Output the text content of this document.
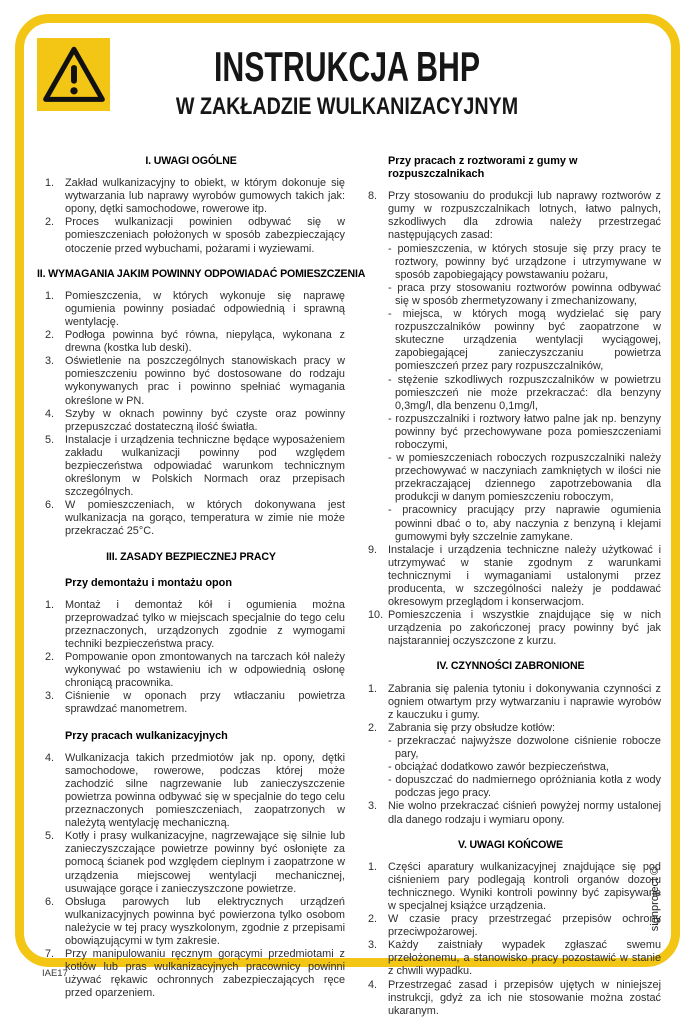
INSTRUKCJA BHP
W ZAKŁADZIE WULKANIZACYJNYM
I. UWAGI OGÓLNE
1. Zakład wulkanizacyjny to obiekt, w którym dokonuje się wytwarzania lub naprawy wyrobów gumowych takich jak: opony, dętki samochodowe, rowerowe itp.
2. Proces wulkanizacji powinien odbywać się w pomieszczeniach położonych w sposób zabezpieczający otoczenie przed wybuchami, pożarami i wyziewami.
II. WYMAGANIA JAKIM POWINNY ODPOWIADAĆ POMIESZCZENIA
1. Pomieszczenia, w których wykonuje się naprawę ogumienia powinny posiadać odpowiednią i sprawną wentylację.
2. Podłoga powinna być równa, niepyląca, wykonana z drewna (kostka lub deski).
3. Oświetlenie na poszczególnych stanowiskach pracy w pomieszczeniu powinno być dostosowane do rodzaju wykonywanych prac i powinno spełniać wymagania określone w PN.
4. Szyby w oknach powinny być czyste oraz powinny przepuszczać dostateczną ilość światła.
5. Instalacje i urządzenia techniczne będące wyposażeniem zakładu wulkanizacji powinny pod względem bezpieczeństwa odpowiadać warunkom technicznym określonym w Polskich Normach oraz przepisach szczególnych.
6. W pomieszczeniach, w których dokonywana jest wulkanizacja na gorąco, temperatura w zimie nie może przekraczać 25°C.
III. ZASADY BEZPIECZNEJ PRACY
Przy demontażu i montażu opon
1. Montaż i demontaż kół i ogumienia można przeprowadzać tylko w miejscach specjalnie do tego celu przeznaczonych, urządzonych zgodnie z wymogami techniki bezpieczeństwa pracy.
2. Pompowanie opon zmontowanych na tarczach kół należy wykonywać po wstawieniu ich w odpowiednią osłonę chroniącą pracownika.
3. Ciśnienie w oponach przy wtłaczaniu powietrza sprawdzać manometrem.
Przy pracach wulkanizacyjnych
4. Wulkanizacja takich przedmiotów jak np. opony, dętki samochodowe, rowerowe, podczas której może zachodzić silne nagrzewanie lub zanieczyszczenie powietrza powinna odbywać się w specjalnie do tego celu przeznaczonych pomieszczeniach, zaopatrzonych w należytą wentylację mechaniczną.
5. Kotły i prasy wulkanizacyjne, nagrzewające się silnie lub zanieczyszczające powietrze powinny być osłonięte za pomocą ścianek pod względem cieplnym i zaopatrzone w urządzenia miejscowej wentylacji mechanicznej, usuwające gorące i zanieczyszczone powietrze.
6. Obsługa parowych lub elektrycznych urządzeń wulkanizacyjnych powinna być powierzona tylko osobom należycie w tej pracy wyszkolonym, zgodnie z przepisami obowiązującymi w tym zakresie.
7. Przy manipulowaniu ręcznym gorącymi przedmiotami z kotłów lub pras wulkanizacyjnych pracownicy powinni używać rękawic ochronnych zabezpieczających ręce przed oparzeniem.
Przy pracach z roztworami z gumy w rozpuszczalnikach
8. Przy stosowaniu do produkcji lub naprawy roztworów z gumy w rozpuszczalnikach lotnych, łatwo palnych, szkodliwych dla zdrowia należy przestrzegać następujących zasad:
- pomieszczenia, w których stosuje się przy pracy te roztwory, powinny być urządzone i utrzymywane w sposób zapobiegający powstawaniu pożaru,
- praca przy stosowaniu roztworów powinna odbywać się w sposób zhermetyzowany i zmechanizowany,
- miejsca, w których mogą wydzielać się pary rozpuszczalników powinny być zaopatrzone w skuteczne urządzenia wentylacji wyciągowej, zapobiegającej zanieczyszczaniu powietrza pomieszczeń przez pary rozpuszczalników,
- stężenie szkodliwych rozpuszczalników w powietrzu pomieszczeń nie może przekraczać: dla benzyny 0,3mg/l, dla benzenu 0,1mg/l,
- rozpuszczalniki i roztwory łatwo palne jak np. benzyny powinny być przechowywane poza pomieszczeniami roboczymi,
- w pomieszczeniach roboczych rozpuszczalniki należy przechowywać w naczyniach zamkniętych w ilości nie przekraczającej dziennego zapotrzebowania dla produkcji w danym pomieszczeniu roboczym,
- pracownicy pracujący przy naprawie ogumienia powinni dbać o to, aby naczynia z benzyną i klejami gumowymi były szczelnie zamykane.
9. Instalacje i urządzenia techniczne należy użytkować i utrzymywać w stanie zgodnym z warunkami technicznymi i wymaganiami ustalonymi przez producenta, w szczególności należy je poddawać okresowym przeglądom i konserwacjom.
10. Pomieszczenia i wszystkie znajdujące się w nich urządzenia po zakończonej pracy powinny być jak najstaranniej oczyszczone z kurzu.
IV. CZYNNOŚCI ZABRONIONE
1. Zabrania się palenia tytoniu i dokonywania czynności z ogniem otwartym przy wytwarzaniu i naprawie wyrobów z kauczuku i gumy.
2. Zabrania się przy obsłudze kotłów:
- przekraczać najwyższe dozwolone ciśnienie robocze pary,
- obciążać dodatkowo zawór bezpieczeństwa,
- dopuszczać do nadmiernego opróżniania kotła z wody podczas jego pracy.
3. Nie wolno przekraczać ciśnień powyżej normy ustalonej dla danego rodzaju i wymiaru opony.
V. UWAGI KOŃCOWE
1. Części aparatury wulkanizacyjnej znajdujące się pod ciśnieniem pary podlegają kontroli organów dozoru technicznego. Wyniki kontroli powinny być zapisywane w specjalnej książce urządzenia.
2. W czasie pracy przestrzegać przepisów ochrony przeciwpożarowej.
3. Każdy zaistniały wypadek zgłaszać swemu przełożonemu, a stanowisko pracy pozostawić w stanie z chwili wypadku.
4. Przestrzegać zasad i przepisów ujętych w niniejszej instrukcji, gdyż za ich nie stosowanie można zostać ukaranym.
IAE17
signproject ©
